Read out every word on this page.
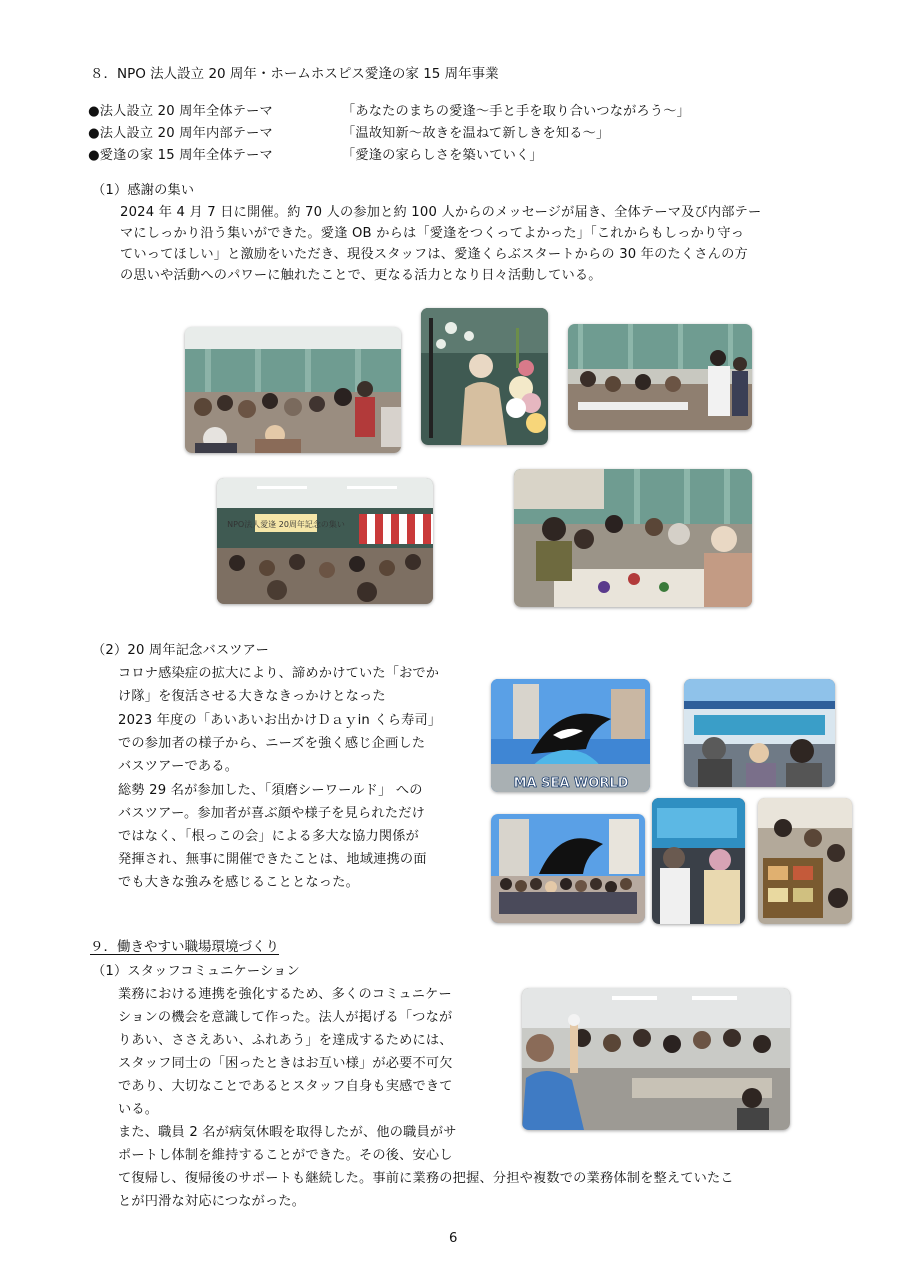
８．NPO 法人設立 20 周年・ホームホスピス愛逢の家 15 周年事業
●法人設立 20 周年全体テーマ	「あなたのまちの愛逢〜手と手を取り合いつながろう〜」
●法人設立 20 周年内部テーマ	「温故知新〜故きを温ねて新しきを知る〜」
●愛逢の家 15 周年全体テーマ	「愛逢の家らしさを築いていく」
（1）感謝の集い
2024 年 4 月 7 日に開催。約 70 人の参加と約 100 人からのメッセージが届き、全体テーマ及び内部テー
マにしっかり沿う集いができた。愛逢 OB からは「愛逢をつくってよかった」「これからもしっかり守っ
ていってほしい」と激励をいただき、現役スタッフは、愛逢くらぶスタートからの 30 年のたくさんの方
の思いや活動へのパワーに触れたことで、更なる活力となり日々活動している。
NPO法人愛逢 20周年記念の集い
（2）20 周年記念バスツアー
コロナ感染症の拡大により、諦めかけていた「おでか
け隊」を復活させる大きなきっかけとなった
2023 年度の「あいあいお出かけＤａｙin くら寿司」
での参加者の様子から、ニーズを強く感じ企画した
バスツアーである。
総勢 29 名が参加した、「須磨シーワールド」 への
バスツアー。参加者が喜ぶ顔や様子を見られただけ
ではなく、「根っこの会」による多大な協力関係が
発揮され、無事に開催できたことは、地域連携の面
でも大きな強みを感じることとなった。
MA SEA WORLD
９．働きやすい職場環境づくり
（1）スタッフコミュニケーション
業務における連携を強化するため、多くのコミュニケー
ションの機会を意識して作った。法人が掲げる「つなが
りあい、ささえあい、ふれあう」を達成するためには、
スタッフ同士の「困ったときはお互い様」が必要不可欠
であり、大切なことであるとスタッフ自身も実感できて
いる。
また、職員 2 名が病気休暇を取得したが、他の職員がサ
ポートし体制を維持することができた。その後、安心し
て復帰し、復帰後のサポートも継続した。事前に業務の把握、分担や複数での業務体制を整えていたこ
とが円滑な対応につながった。
6
